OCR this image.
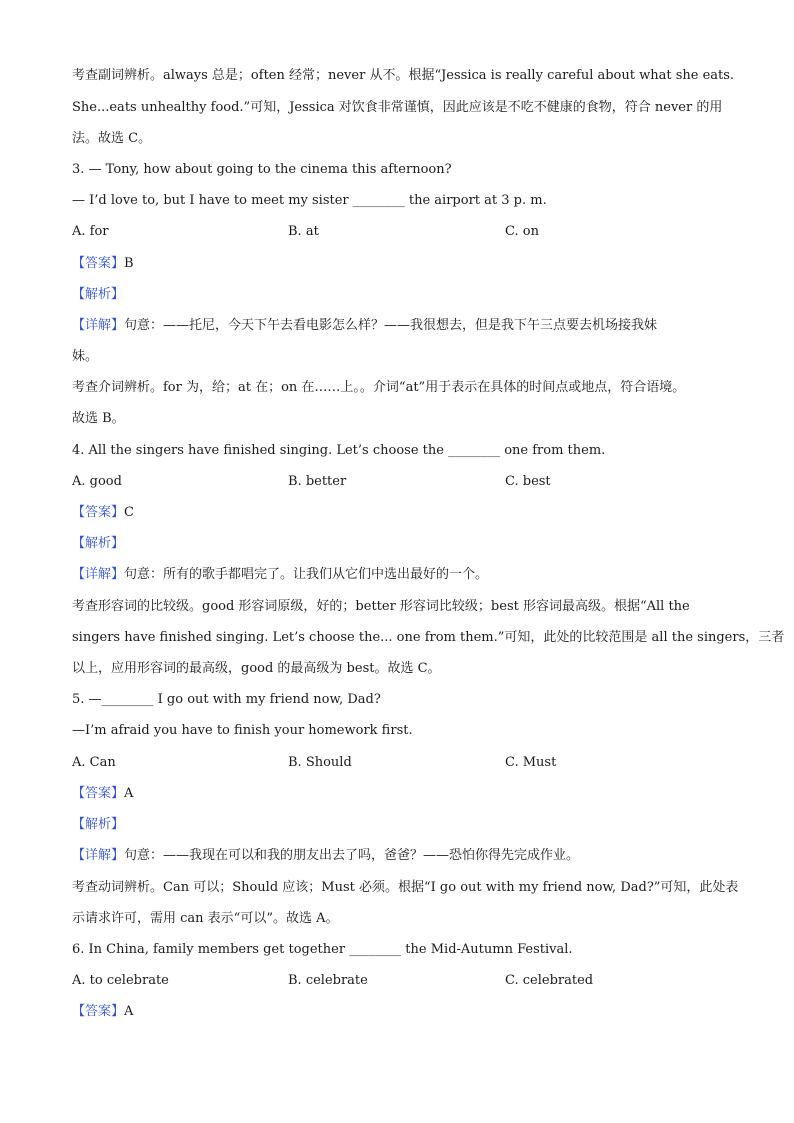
考查副词辨析。always 总是；often 经常；never 从不。根据“Jessica is really careful about what she eats.
She...eats unhealthy food.”可知，Jessica 对饮食非常谨慎，因此应该是不吃不健康的食物，符合 never 的用
法。故选 C。
3. — Tony, how about going to the cinema this afternoon?
— I’d love to, but I have to meet my sister ________ the airport at 3 p. m.
A. for	B. at	C. on
【答案】B
【解析】
【详解】句意：——托尼，今天下午去看电影怎么样？——我很想去，但是我下午三点要去机场接我妹
妹。
考查介词辨析。for 为，给；at 在；on 在……上。。介词“at”用于表示在具体的时间点或地点，符合语境。
故选 B。
4. All the singers have finished singing. Let’s choose the ________ one from them.
A. good	B. better	C. best
【答案】C
【解析】
【详解】句意：所有的歌手都唱完了。让我们从它们中选出最好的一个。
考查形容词的比较级。good 形容词原级，好的；better 形容词比较级；best 形容词最高级。根据“All the
singers have finished singing. Let’s choose the... one from them.”可知，此处的比较范围是 all the singers，三者
以上，应用形容词的最高级，good 的最高级为 best。故选 C。
5. —________ I go out with my friend now, Dad?
—I’m afraid you have to finish your homework first.
A. Can	B. Should	C. Must
【答案】A
【解析】
【详解】句意：——我现在可以和我的朋友出去了吗，爸爸？——恐怕你得先完成作业。
考查动词辨析。Can 可以；Should 应该；Must 必须。根据“I go out with my friend now, Dad?”可知，此处表
示请求许可，需用 can 表示“可以”。故选 A。
6. In China, family members get together ________ the Mid-Autumn Festival.
A. to celebrate	B. celebrate	C. celebrated
【答案】A
